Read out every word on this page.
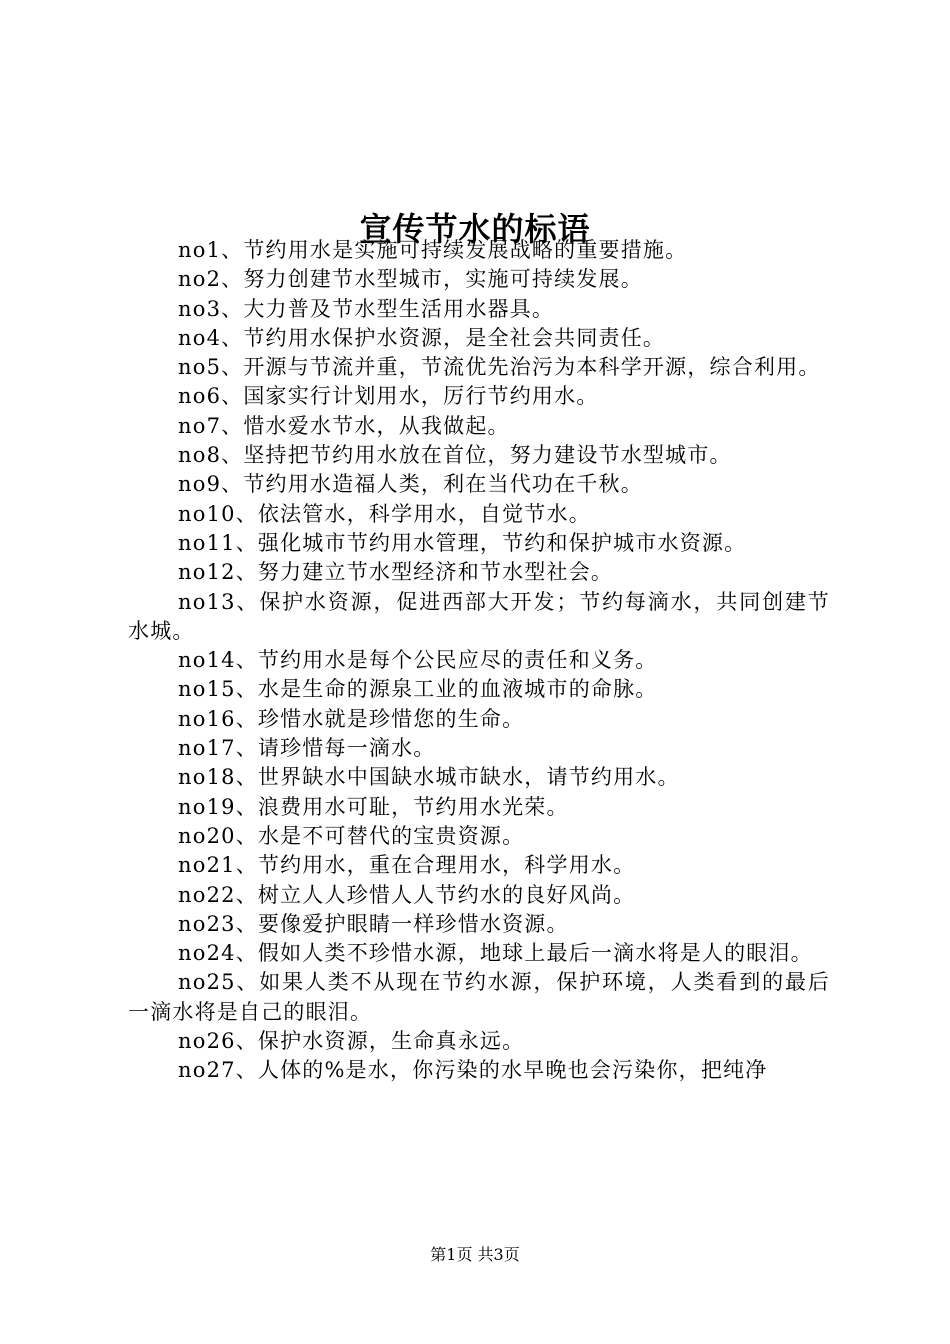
宣传节水的标语

no1、节约用水是实施可持续发展战略的重要措施。

no2、努力创建节水型城市，实施可持续发展。

no3、大力普及节水型生活用水器具。

no4、节约用水保护水资源，是全社会共同责任。

no5、开源与节流并重，节流优先治污为本科学开源，综合利用。

no6、国家实行计划用水，厉行节约用水。

no7、惜水爱水节水，从我做起。

no8、坚持把节约用水放在首位，努力建设节水型城市。

no9、节约用水造福人类，利在当代功在千秋。

no10、依法管水，科学用水，自觉节水。

no11、强化城市节约用水管理，节约和保护城市水资源。

no12、努力建立节水型经济和节水型社会。

no13、保护水资源，促进西部大开发；节约每滴水，共同创建节水城。

no14、节约用水是每个公民应尽的责任和义务。

no15、水是生命的源泉工业的血液城市的命脉。

no16、珍惜水就是珍惜您的生命。

no17、请珍惜每一滴水。

no18、世界缺水中国缺水城市缺水，请节约用水。

no19、浪费用水可耻，节约用水光荣。

no20、水是不可替代的宝贵资源。

no21、节约用水，重在合理用水，科学用水。

no22、树立人人珍惜人人节约水的良好风尚。

no23、要像爱护眼睛一样珍惜水资源。

no24、假如人类不珍惜水源，地球上最后一滴水将是人的眼泪。

no25、如果人类不从现在节约水源，保护环境，人类看到的最后一滴水将是自己的眼泪。

no26、保护水资源，生命真永远。

no27、人体的%是水，你污染的水早晚也会污染你，把纯净

第1页 共3页
